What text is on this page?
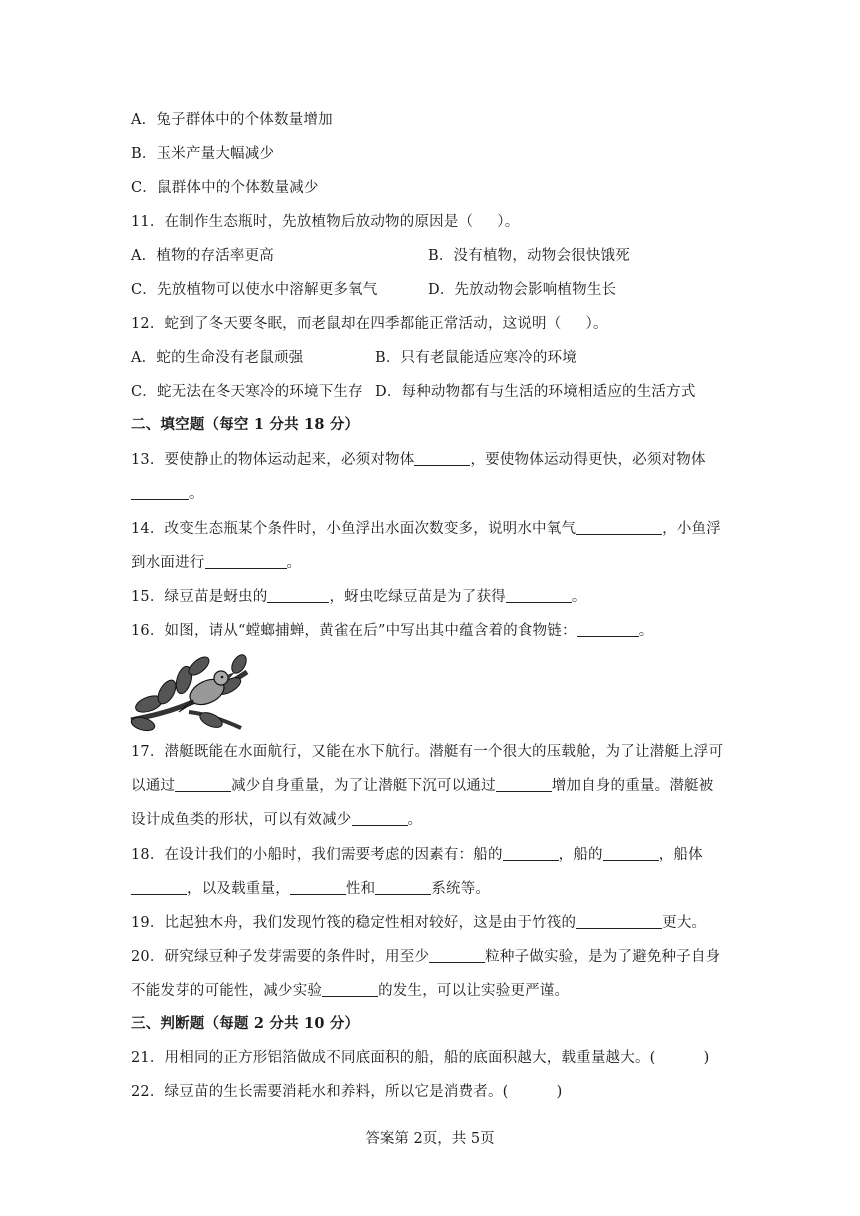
A．兔子群体中的个体数量增加
B．玉米产量大幅减少
C．鼠群体中的个体数量减少
11．在制作生态瓶时，先放植物后放动物的原因是（     ）。
A．植物的存活率更高	B．没有植物，动物会很快饿死
C．先放植物可以使水中溶解更多氧气	D．先放动物会影响植物生长
12．蛇到了冬天要冬眠，而老鼠却在四季都能正常活动，这说明（     ）。
A．蛇的生命没有老鼠顽强	B．只有老鼠能适应寒冷的环境
C．蛇无法在冬天寒冷的环境下生存 D．每种动物都有与生活的环境相适应的生活方式
二、填空题（每空 1 分共 18 分）
13．要使静止的物体运动起来，必须对物体	，要使物体运动得更快，必须对物体
。
14．改变生态瓶某个条件时，小鱼浮出水面次数变多，说明水中氧气	，小鱼浮
到水面进行	。
15．绿豆苗是蚜虫的	，蚜虫吃绿豆苗是为了获得	。
16．如图，请从“螳螂捕蝉，黄雀在后”中写出其中蕴含着的食物链：	。
17．潜艇既能在水面航行，又能在水下航行。潜艇有一个很大的压载舱，为了让潜艇上浮可
以通过	减少自身重量，为了让潜艇下沉可以通过	增加自身的重量。潜艇被
设计成鱼类的形状，可以有效减少	。
18．在设计我们的小船时，我们需要考虑的因素有：船的	，船的	，船体
，以及载重量，	性和	系统等。
19．比起独木舟，我们发现竹筏的稳定性相对较好，这是由于竹筏的	更大。
20．研究绿豆种子发芽需要的条件时，用至少	粒种子做实验，是为了避免种子自身
不能发芽的可能性，减少实验	的发生，可以让实验更严谨。
三、判断题（每题 2 分共 10 分）
21．用相同的正方形铝箔做成不同底面积的船，船的底面积越大，载重量越大。(          )
22．绿豆苗的生长需要消耗水和养料，所以它是消费者。(          )
答案第 2页，共 5页
